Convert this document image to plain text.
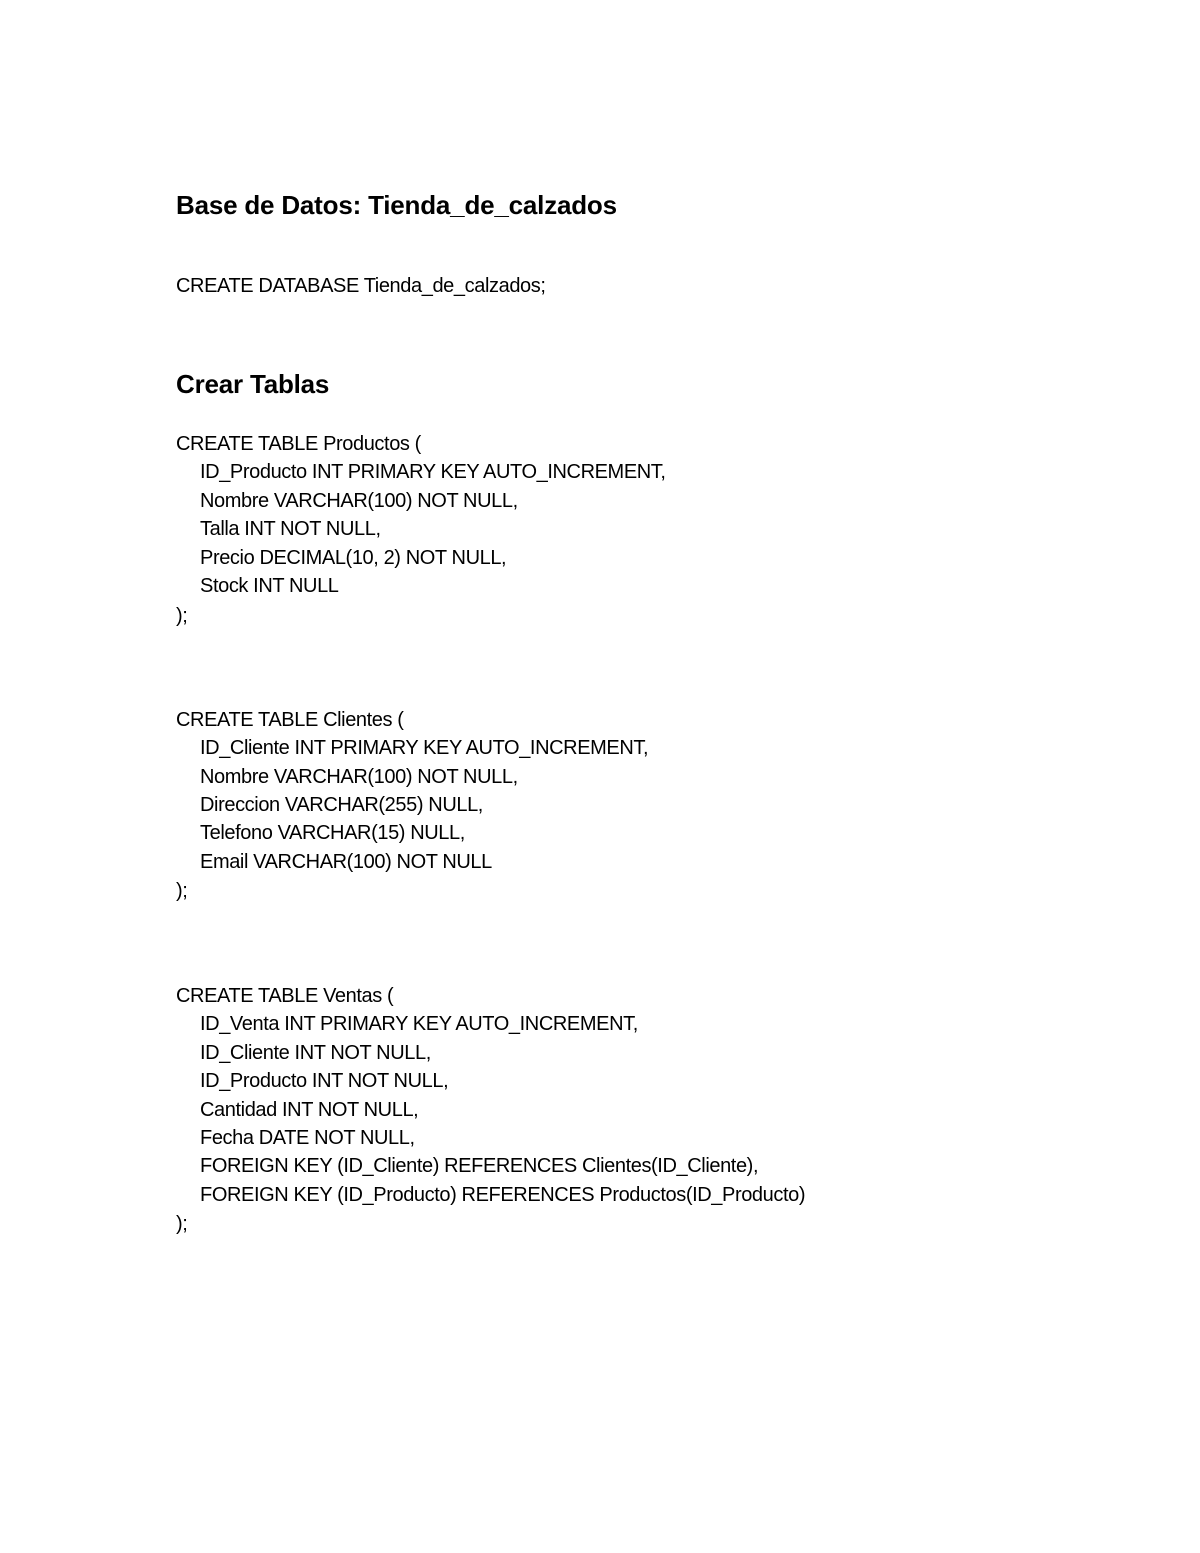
Base de Datos: Tienda_de_calzados

CREATE DATABASE Tienda_de_calzados;

Crear Tablas

CREATE TABLE Productos (

ID_Producto INT PRIMARY KEY AUTO_INCREMENT,

Nombre VARCHAR(100) NOT NULL,

Talla INT NOT NULL,

Precio DECIMAL(10, 2) NOT NULL,

Stock INT NULL

);

CREATE TABLE Clientes (

ID_Cliente INT PRIMARY KEY AUTO_INCREMENT,

Nombre VARCHAR(100) NOT NULL,

Direccion VARCHAR(255) NULL,

Telefono VARCHAR(15) NULL,

Email VARCHAR(100) NOT NULL

);

CREATE TABLE Ventas (

ID_Venta INT PRIMARY KEY AUTO_INCREMENT,

ID_Cliente INT NOT NULL,

ID_Producto INT NOT NULL,

Cantidad INT NOT NULL,

Fecha DATE NOT NULL,

FOREIGN KEY (ID_Cliente) REFERENCES Clientes(ID_Cliente),

FOREIGN KEY (ID_Producto) REFERENCES Productos(ID_Producto)

);
